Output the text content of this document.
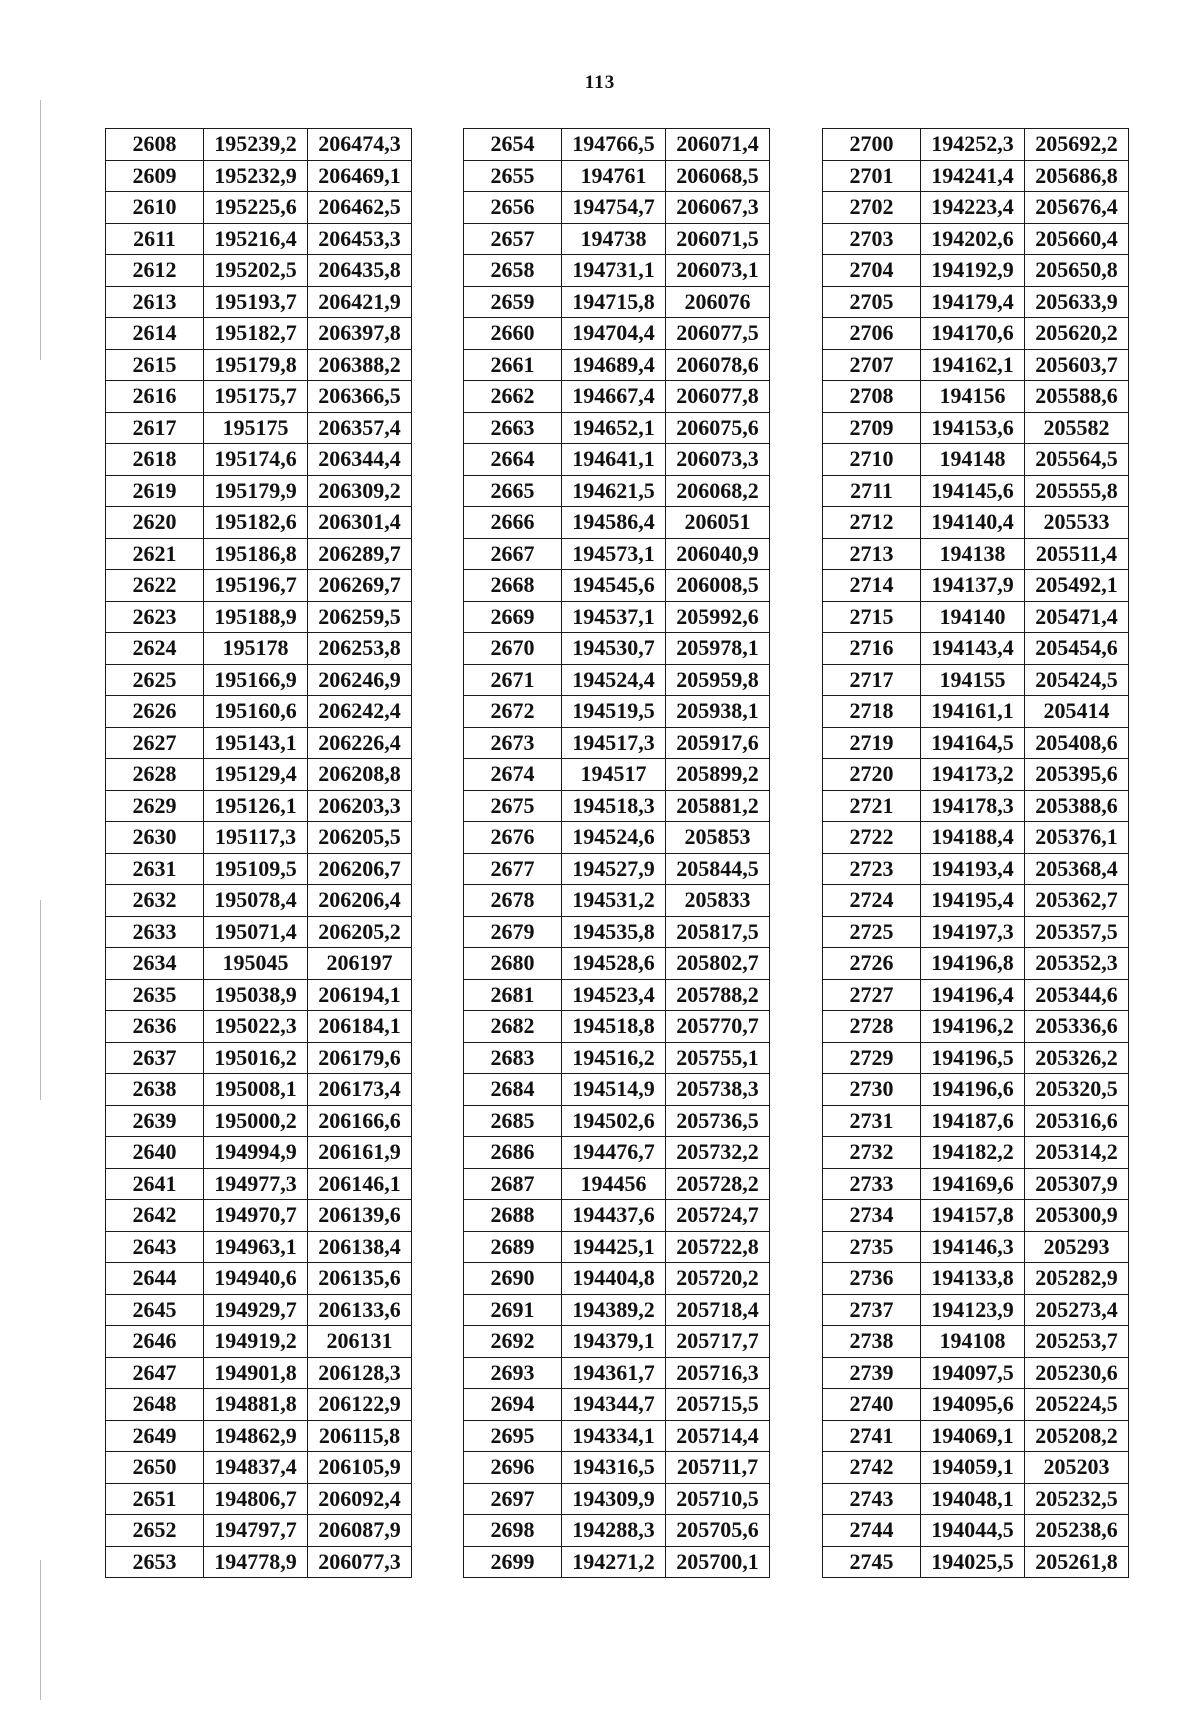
113
2608	195239,2	206474,3
2609	195232,9	206469,1
2610	195225,6	206462,5
2611	195216,4	206453,3
2612	195202,5	206435,8
2613	195193,7	206421,9
2614	195182,7	206397,8
2615	195179,8	206388,2
2616	195175,7	206366,5
2617	195175	206357,4
2618	195174,6	206344,4
2619	195179,9	206309,2
2620	195182,6	206301,4
2621	195186,8	206289,7
2622	195196,7	206269,7
2623	195188,9	206259,5
2624	195178	206253,8
2625	195166,9	206246,9
2626	195160,6	206242,4
2627	195143,1	206226,4
2628	195129,4	206208,8
2629	195126,1	206203,3
2630	195117,3	206205,5
2631	195109,5	206206,7
2632	195078,4	206206,4
2633	195071,4	206205,2
2634	195045	206197
2635	195038,9	206194,1
2636	195022,3	206184,1
2637	195016,2	206179,6
2638	195008,1	206173,4
2639	195000,2	206166,6
2640	194994,9	206161,9
2641	194977,3	206146,1
2642	194970,7	206139,6
2643	194963,1	206138,4
2644	194940,6	206135,6
2645	194929,7	206133,6
2646	194919,2	206131
2647	194901,8	206128,3
2648	194881,8	206122,9
2649	194862,9	206115,8
2650	194837,4	206105,9
2651	194806,7	206092,4
2652	194797,7	206087,9
2653	194778,9	206077,3
2654	194766,5	206071,4
2655	194761	206068,5
2656	194754,7	206067,3
2657	194738	206071,5
2658	194731,1	206073,1
2659	194715,8	206076
2660	194704,4	206077,5
2661	194689,4	206078,6
2662	194667,4	206077,8
2663	194652,1	206075,6
2664	194641,1	206073,3
2665	194621,5	206068,2
2666	194586,4	206051
2667	194573,1	206040,9
2668	194545,6	206008,5
2669	194537,1	205992,6
2670	194530,7	205978,1
2671	194524,4	205959,8
2672	194519,5	205938,1
2673	194517,3	205917,6
2674	194517	205899,2
2675	194518,3	205881,2
2676	194524,6	205853
2677	194527,9	205844,5
2678	194531,2	205833
2679	194535,8	205817,5
2680	194528,6	205802,7
2681	194523,4	205788,2
2682	194518,8	205770,7
2683	194516,2	205755,1
2684	194514,9	205738,3
2685	194502,6	205736,5
2686	194476,7	205732,2
2687	194456	205728,2
2688	194437,6	205724,7
2689	194425,1	205722,8
2690	194404,8	205720,2
2691	194389,2	205718,4
2692	194379,1	205717,7
2693	194361,7	205716,3
2694	194344,7	205715,5
2695	194334,1	205714,4
2696	194316,5	205711,7
2697	194309,9	205710,5
2698	194288,3	205705,6
2699	194271,2	205700,1
2700	194252,3	205692,2
2701	194241,4	205686,8
2702	194223,4	205676,4
2703	194202,6	205660,4
2704	194192,9	205650,8
2705	194179,4	205633,9
2706	194170,6	205620,2
2707	194162,1	205603,7
2708	194156	205588,6
2709	194153,6	205582
2710	194148	205564,5
2711	194145,6	205555,8
2712	194140,4	205533
2713	194138	205511,4
2714	194137,9	205492,1
2715	194140	205471,4
2716	194143,4	205454,6
2717	194155	205424,5
2718	194161,1	205414
2719	194164,5	205408,6
2720	194173,2	205395,6
2721	194178,3	205388,6
2722	194188,4	205376,1
2723	194193,4	205368,4
2724	194195,4	205362,7
2725	194197,3	205357,5
2726	194196,8	205352,3
2727	194196,4	205344,6
2728	194196,2	205336,6
2729	194196,5	205326,2
2730	194196,6	205320,5
2731	194187,6	205316,6
2732	194182,2	205314,2
2733	194169,6	205307,9
2734	194157,8	205300,9
2735	194146,3	205293
2736	194133,8	205282,9
2737	194123,9	205273,4
2738	194108	205253,7
2739	194097,5	205230,6
2740	194095,6	205224,5
2741	194069,1	205208,2
2742	194059,1	205203
2743	194048,1	205232,5
2744	194044,5	205238,6
2745	194025,5	205261,8
